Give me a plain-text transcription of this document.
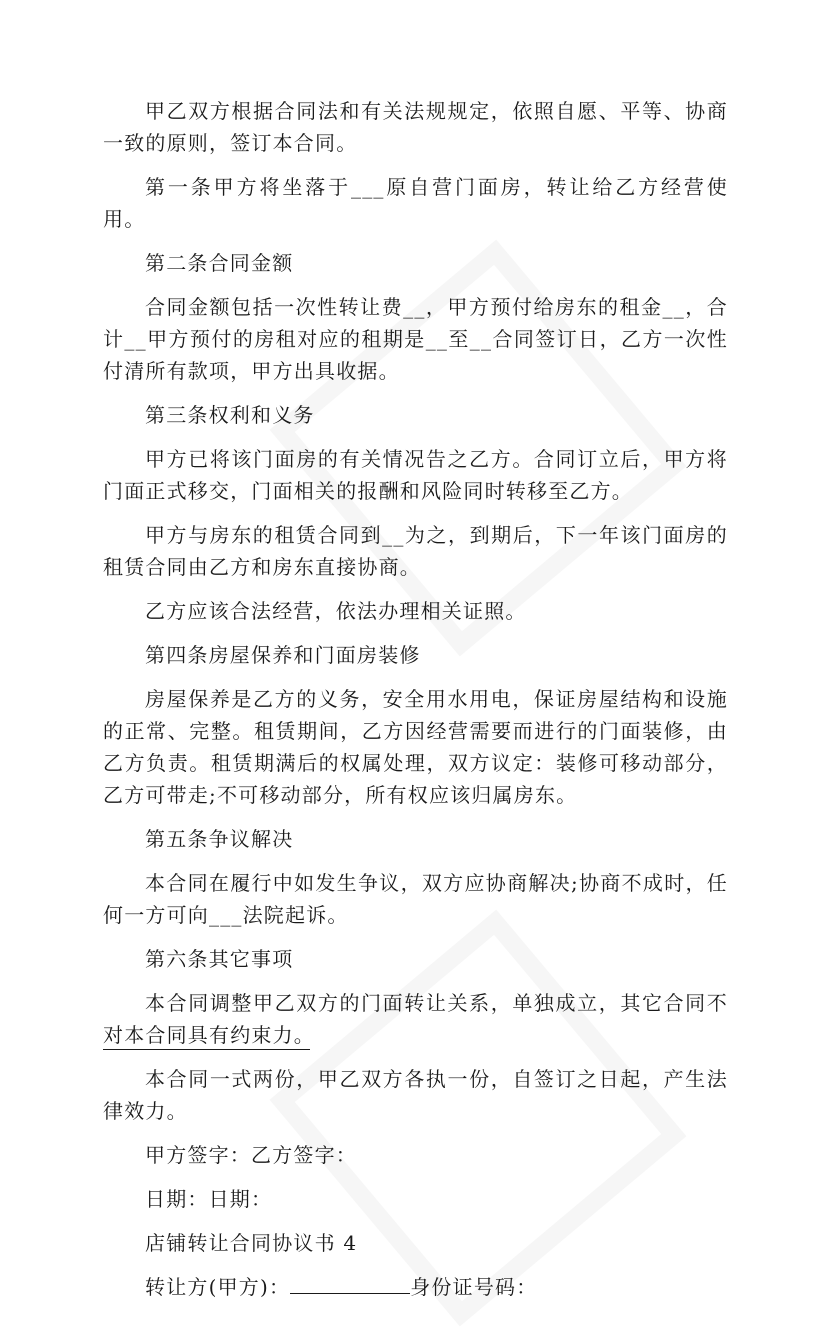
甲乙双方根据合同法和有关法规规定，依照自愿、平等、协商一致的原则，签订本合同。

第一条甲方将坐落于___原自营门面房，转让给乙方经营使用。

第二条合同金额

合同金额包括一次性转让费__，甲方预付给房东的租金__，合计__甲方预付的房租对应的租期是__至__合同签订日，乙方一次性付清所有款项，甲方出具收据。

第三条权利和义务

甲方已将该门面房的有关情况告之乙方。合同订立后，甲方将门面正式移交，门面相关的报酬和风险同时转移至乙方。

甲方与房东的租赁合同到__为之，到期后，下一年该门面房的租赁合同由乙方和房东直接协商。

乙方应该合法经营，依法办理相关证照。

第四条房屋保养和门面房装修

房屋保养是乙方的义务，安全用水用电，保证房屋结构和设施的正常、完整。租赁期间，乙方因经营需要而进行的门面装修，由乙方负责。租赁期满后的权属处理，双方议定：装修可移动部分，乙方可带走;不可移动部分，所有权应该归属房东。

第五条争议解决

本合同在履行中如发生争议，双方应协商解决;协商不成时，任何一方可向___法院起诉。

第六条其它事项

本合同调整甲乙双方的门面转让关系，单独成立，其它合同不对本合同具有约束力。

本合同一式两份，甲乙双方各执一份，自签订之日起，产生法律效力。

甲方签字：乙方签字：

日期：日期：

店铺转让合同协议书 4

转让方(甲方)：	身份证号码：
